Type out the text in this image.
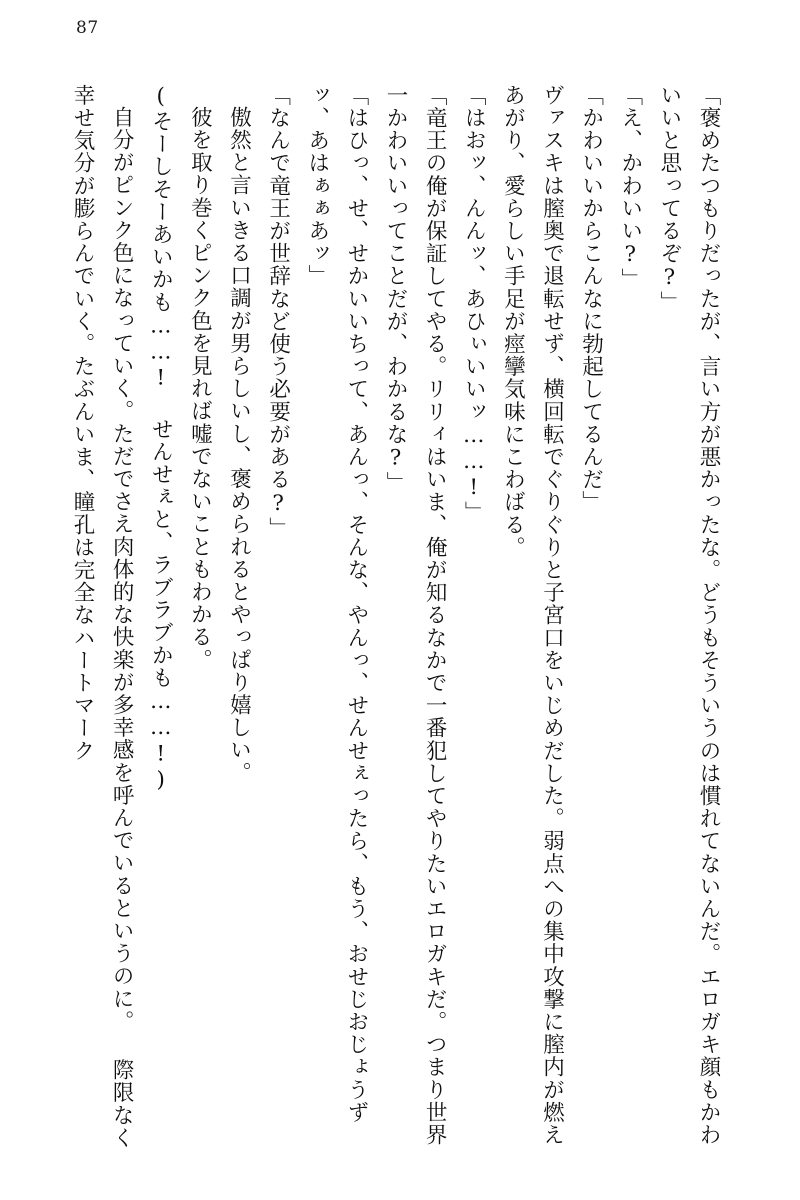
87

「褒めたつもりだったが、言い方が悪かったな。どうもそういうのは慣れてないんだ。エロガキ顔もかわいいと思ってるぞ?」

「え、かわいい?」

「かわいいからこんなに勃起してるんだ」

ヴァスキは膣奥で退転せず、横回転でぐりぐりと子宮口をいじめだした。弱点への集中攻撃に膣内が燃えあがり、愛らしい手足が痙攣気味にこわばる。

「はおッ、んんッ、あひぃいいッ……!」

「竜王の俺が保証してやる。リリィはいま、俺が知るなかで一番犯してやりたいエロガキだ。つまり世界一かわいいってことだが、わかるな?」

「はひっ、せ、せかいいちって、あんっ、そんな、やんっ、せんせぇったら、もう、おせじおじょうずッ、あはぁぁあッ」

「なんで竜王が世辞など使う必要がある?」

傲然と言いきる口調が男らしいし、褒められるとやっぱり嬉しい。

彼を取り巻くピンク色を見れば嘘でないこともわかる。

(そーしそーあいかも……! せんせぇと、ラブラブかも……!)

自分がピンク色になっていく。ただでさえ肉体的な快楽が多幸感を呼んでいるというのに。 際限なく幸せ気分が膨らんでいく。たぶんいま、瞳孔は完全なハートマーク
